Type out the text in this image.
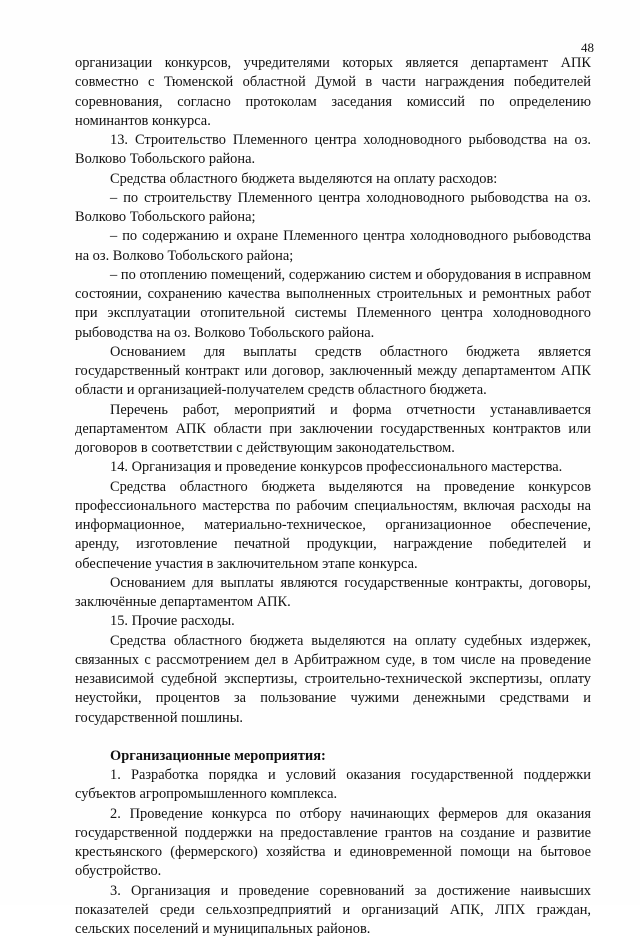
48

организации конкурсов, учредителями которых является департамент АПК совместно с Тюменской областной Думой в части награждения победителей соревнования, согласно протоколам заседания комиссий по определению номинантов конкурса.

13. Строительство Племенного центра холодноводного рыбоводства на оз. Волково Тобольского района.

Средства областного бюджета выделяются на оплату расходов:

– по строительству Племенного центра холодноводного рыбоводства на оз. Волково Тобольского района;

– по содержанию и охране Племенного центра холодноводного рыбоводства на оз. Волково Тобольского района;

– по отоплению помещений, содержанию систем и оборудования в исправном состоянии, сохранению качества выполненных строительных и ремонтных работ при эксплуатации отопительной системы Племенного центра холодноводного рыбоводства на оз. Волково Тобольского района.

Основанием для выплаты средств областного бюджета является государственный контракт или договор, заключенный между департаментом АПК области и организацией-получателем средств областного бюджета.

Перечень работ, мероприятий и форма отчетности устанавливается департаментом АПК области при заключении государственных контрактов или договоров в соответствии с действующим законодательством.

14. Организация и проведение конкурсов профессионального мастерства.

Средства областного бюджета выделяются на проведение конкурсов профессионального мастерства по рабочим специальностям, включая расходы на информационное, материально-техническое, организационное обеспечение, аренду, изготовление печатной продукции, награждение победителей и обеспечение участия в заключительном этапе конкурса.

Основанием для выплаты являются государственные контракты, договоры, заключённые департаментом АПК.

15. Прочие расходы.

Средства областного бюджета выделяются на оплату судебных издержек, связанных с рассмотрением дел в Арбитражном суде, в том числе на проведение независимой судебной экспертизы, строительно-технической экспертизы, оплату неустойки, процентов за пользование чужими денежными средствами и государственной пошлины.

Организационные мероприятия:

1. Разработка порядка и условий оказания государственной поддержки субъектов агропромышленного комплекса.

2. Проведение конкурса по отбору начинающих фермеров для оказания государственной поддержки на предоставление грантов на создание и развитие крестьянского (фермерского) хозяйства и единовременной помощи на бытовое обустройство.

3. Организация и проведение соревнований за достижение наивысших показателей среди сельхозпредприятий и организаций АПК, ЛПХ граждан, сельских поселений и муниципальных районов.
